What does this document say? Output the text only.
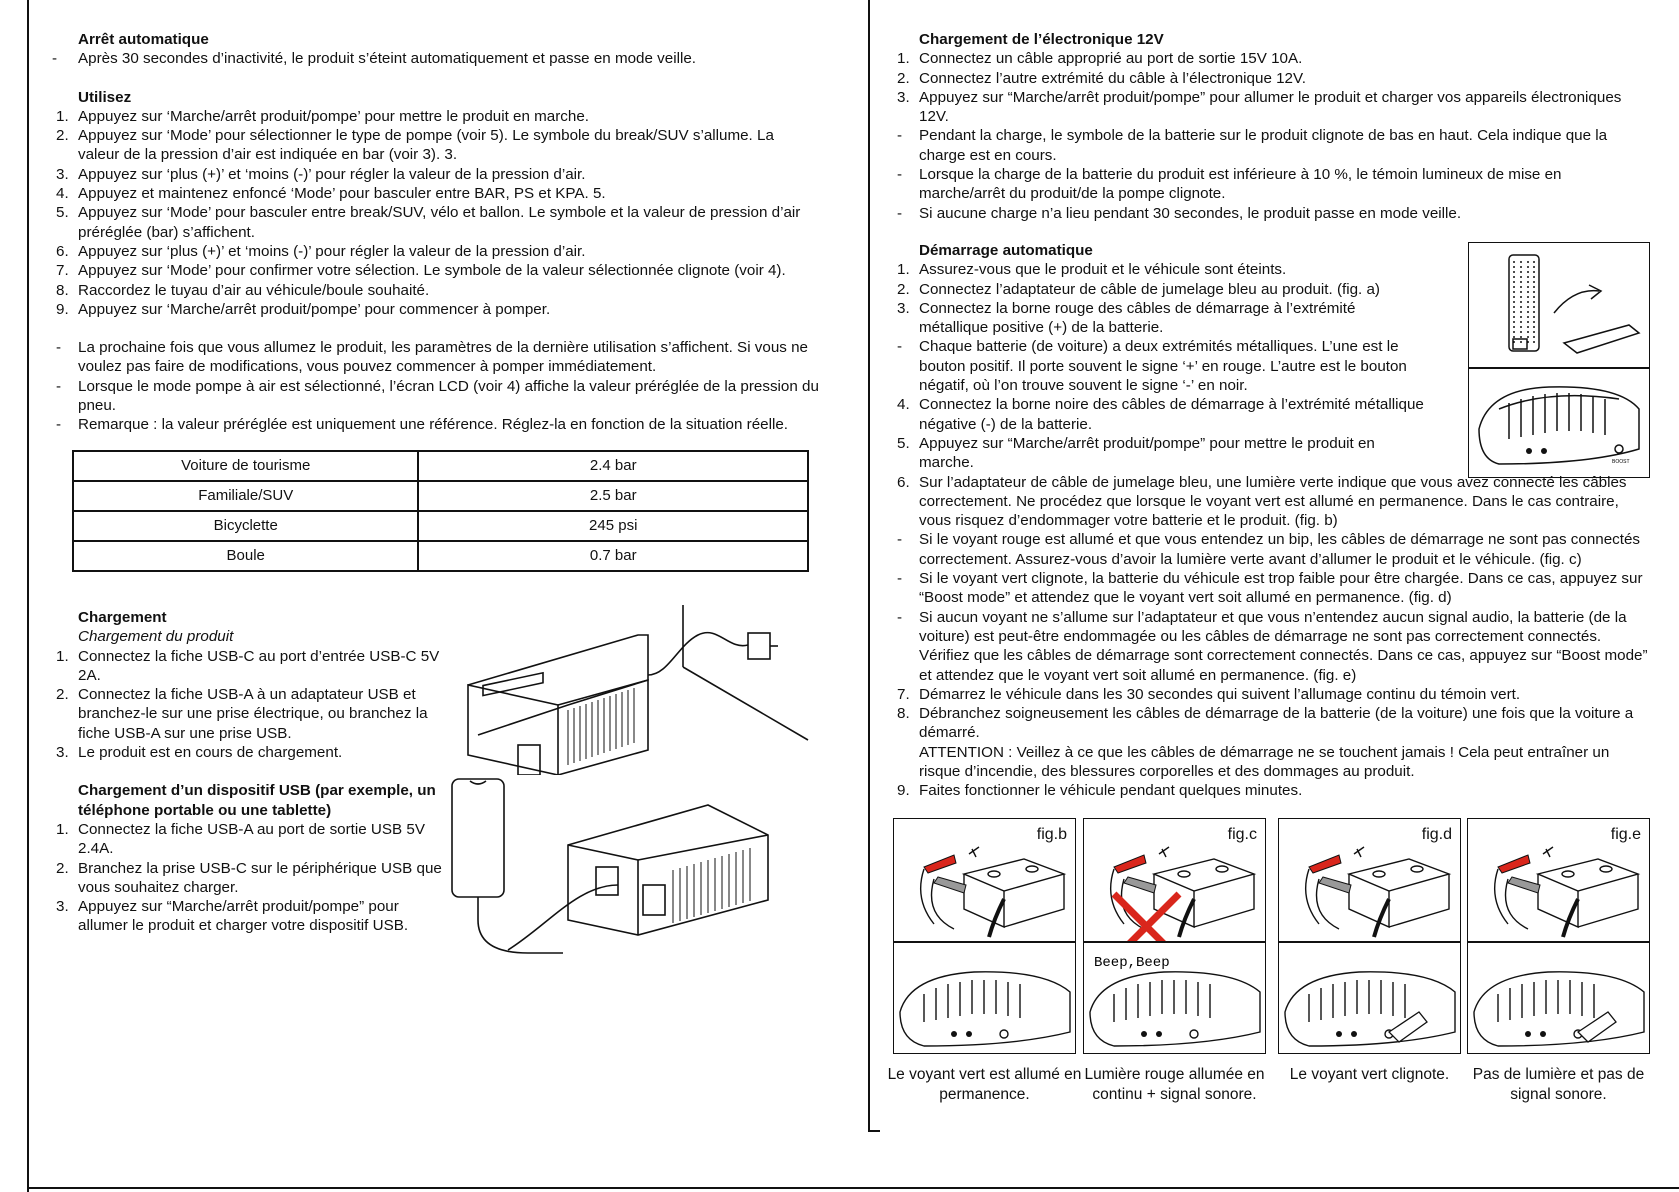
Arrêt automatique

-	Après 30 secondes d’inactivité, le produit s’éteint automatiquement et passe en mode veille.

Utilisez

1. Appuyez sur ‘Marche/arrêt produit/pompe’ pour mettre le produit en marche.
2. Appuyez sur ‘Mode’ pour sélectionner le type de pompe (voir 5). Le symbole du break/SUV s’allume. La valeur de la pression d’air est indiquée en bar (voir 3). 3.
3. Appuyez sur ‘plus (+)’ et ‘moins (-)’ pour régler la valeur de la pression d’air.
4. Appuyez et maintenez enfoncé ‘Mode’ pour basculer entre BAR, PS et KPA. 5.
5. Appuyez sur ‘Mode’ pour basculer entre break/SUV, vélo et ballon. Le symbole et la valeur de pression d’air préréglée (bar) s’affichent.
6. Appuyez sur ‘plus (+)’ et ‘moins (-)’ pour régler la valeur de la pression d’air.
7. Appuyez sur ‘Mode’ pour confirmer votre sélection. Le symbole de la valeur sélectionnée clignote (voir 4).
8. Raccordez le tuyau d’air au véhicule/boule souhaité.
9. Appuyez sur ‘Marche/arrêt produit/pompe’ pour commencer à pomper.
-	La prochaine fois que vous allumez le produit, les paramètres de la dernière utilisation s’affichent. Si vous ne voulez pas faire de modifications, vous pouvez commencer à pomper immédiatement.
-	Lorsque le mode pompe à air est sélectionné, l’écran LCD (voir 4) affiche la valeur préréglée de la pression du pneu.
-	Remarque : la valeur préréglée est uniquement une référence. Réglez-la en fonction de la situation réelle.
Voiture de tourisme	2.4 bar
Familiale/SUV	2.5 bar
Bicyclette	245 psi
Boule	0.7 bar

Chargement

Chargement du produit

1. Connectez la fiche USB-C au port d’entrée USB-C 5V 2A.
2. Connectez la fiche USB-A à un adaptateur USB et branchez-le sur une prise électrique, ou branchez la fiche USB-A sur une prise USB.
3. Le produit est en cours de chargement.

Chargement d’un dispositif USB (par exemple, un téléphone portable ou une tablette)

1. Connectez la fiche USB-A au port de sortie USB 5V 2.4A.
2. Branchez la prise USB-C sur le périphérique USB que vous souhaitez charger.
3. Appuyez sur “Marche/arrêt produit/pompe” pour allumer le produit et charger votre dispositif USB.

Chargement de l’électronique 12V

1. Connectez un câble approprié au port de sortie 15V 10A.
2. Connectez l’autre extrémité du câble à l’électronique 12V.
3. Appuyez sur “Marche/arrêt produit/pompe” pour allumer le produit et charger vos appareils électroniques 12V.
-	Pendant la charge, le symbole de la batterie sur le produit clignote de bas en haut. Cela indique que la charge est en cours.
-	Lorsque la charge de la batterie du produit est inférieure à 10 %, le témoin lumineux de mise en marche/arrêt du produit/de la pompe clignote.
-	Si aucune charge n’a lieu pendant 30 secondes, le produit passe en mode veille.

Démarrage automatique

1. Assurez-vous que le produit et le véhicule sont éteints.
2. Connectez l’adaptateur de câble de jumelage bleu au produit. (fig. a)
3. Connectez la borne rouge des câbles de démarrage à l’extrémité métallique positive (+) de la batterie.
-	Chaque batterie (de voiture) a deux extrémités métalliques. L’une est le bouton positif. Il porte souvent le signe ‘+’ en rouge. L’autre est le bouton négatif, où l’on trouve souvent le signe ‘-’ en noir.
4. Connectez la borne noire des câbles de démarrage à l’extrémité métallique négative (-) de la batterie.
5. Appuyez sur “Marche/arrêt produit/pompe” pour mettre le produit en marche.
6. Sur l’adaptateur de câble de jumelage bleu, une lumière verte indique que vous avez connecté les câbles correctement. Ne procédez que lorsque le voyant vert est allumé en permanence. Dans le cas contraire, vous risquez d’endommager votre batterie et le produit. (fig. b)
-	Si le voyant rouge est allumé et que vous entendez un bip, les câbles de démarrage ne sont pas connectés correctement. Assurez-vous d’avoir la lumière verte avant d’allumer le produit et le véhicule. (fig. c)
-	Si le voyant vert clignote, la batterie du véhicule est trop faible pour être chargée. Dans ce cas, appuyez sur “Boost mode” et attendez que le voyant vert soit allumé en permanence. (fig. d)
-	Si aucun voyant ne s’allume sur l’adaptateur et que vous n’entendez aucun signal audio, la batterie (de la voiture) est peut-être endommagée ou les câbles de démarrage ne sont pas correctement connectés. Vérifiez que les câbles de démarrage sont correctement connectés. Dans ce cas, appuyez sur “Boost mode” et attendez que le voyant vert soit allumé en permanence. (fig. e)
7. Démarrez le véhicule dans les 30 secondes qui suivent l’allumage continu du témoin vert.
8. Débranchez soigneusement les câbles de démarrage de la batterie (de la voiture) une fois que la voiture a démarré.
ATTENTION : Veillez à ce que les câbles de démarrage ne se touchent jamais ! Cela peut entraîner un risque d’incendie, des blessures corporelles et des dommages au produit.
9. Faites fonctionner le véhicule pendant quelques minutes.
BOOST
fig.b
Le voyant vert est allumé en permanence.
fig.c
Beep,Beep
Lumière rouge allumée en continu + signal sonore.
fig.d
Le voyant vert clignote.
fig.e
Pas de lumière et pas de signal sonore.
